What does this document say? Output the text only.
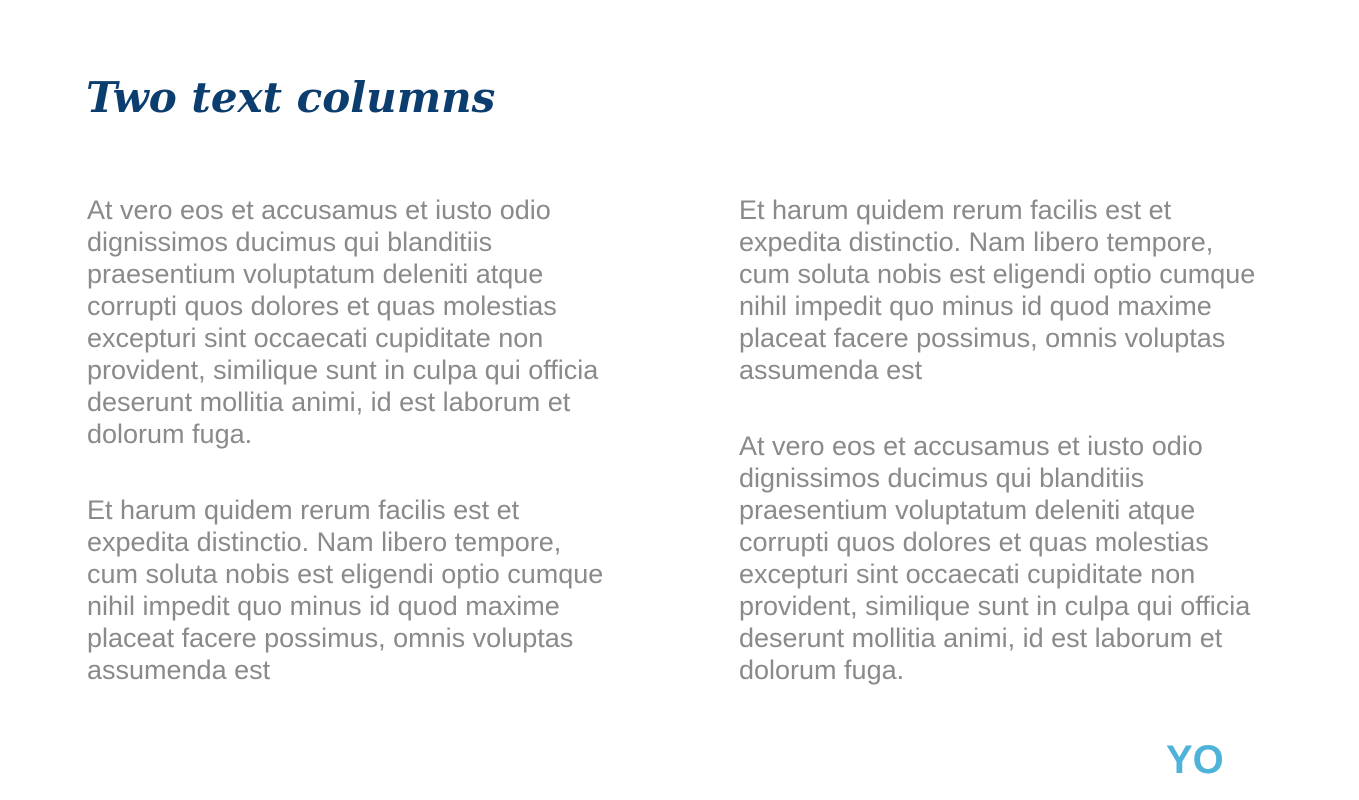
Two text columns

At vero eos et accusamus et iusto odio
dignissimos ducimus qui blanditiis
praesentium voluptatum deleniti atque
corrupti quos dolores et quas molestias
excepturi sint occaecati cupiditate non
provident, similique sunt in culpa qui officia
deserunt mollitia animi, id est laborum et
dolorum fuga.

Et harum quidem rerum facilis est et
expedita distinctio. Nam libero tempore,
cum soluta nobis est eligendi optio cumque
nihil impedit quo minus id quod maxime
placeat facere possimus, omnis voluptas
assumenda est

Et harum quidem rerum facilis est et
expedita distinctio. Nam libero tempore,
cum soluta nobis est eligendi optio cumque
nihil impedit quo minus id quod maxime
placeat facere possimus, omnis voluptas
assumenda est

At vero eos et accusamus et iusto odio
dignissimos ducimus qui blanditiis
praesentium voluptatum deleniti atque
corrupti quos dolores et quas molestias
excepturi sint occaecati cupiditate non
provident, similique sunt in culpa qui officia
deserunt mollitia animi, id est laborum et
dolorum fuga.

YO
